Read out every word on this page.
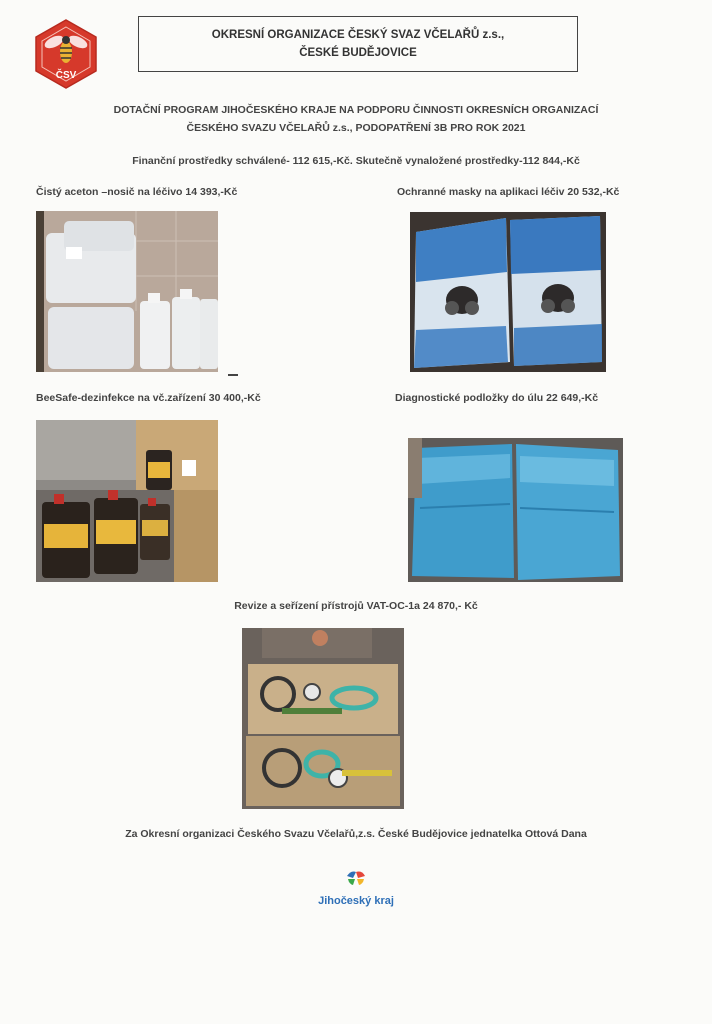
ČSV
OKRESNÍ ORGANIZACE ČESKÝ SVAZ VČELAŘŮ z.s.,
ČESKÉ BUDĚJOVICE
DOTAČNÍ PROGRAM JIHOČESKÉHO KRAJE NA PODPORU ČINNOSTI OKRESNÍCH ORGANIZACÍ
ČESKÉHO SVAZU VČELAŘŮ z.s., PODOPATŘENÍ 3B PRO ROK 2021
Finanční prostředky schválené- 112 615,-Kč. Skutečně vynaložené prostředky-112 844,-Kč
Čistý aceton –nosič na léčivo 14 393,-Kč	Ochranné masky na aplikaci léčiv 20 532,-Kč
BeeSafe-dezinfekce na vč.zařízení 30 400,-Kč	Diagnostické podložky do úlu 22 649,-Kč
Revize a seřízení přístrojů VAT-OC-1a 24 870,- Kč
Za Okresní organizaci Českého Svazu Včelařů,z.s. České Budějovice jednatelka Ottová Dana
Jihočeský kraj
